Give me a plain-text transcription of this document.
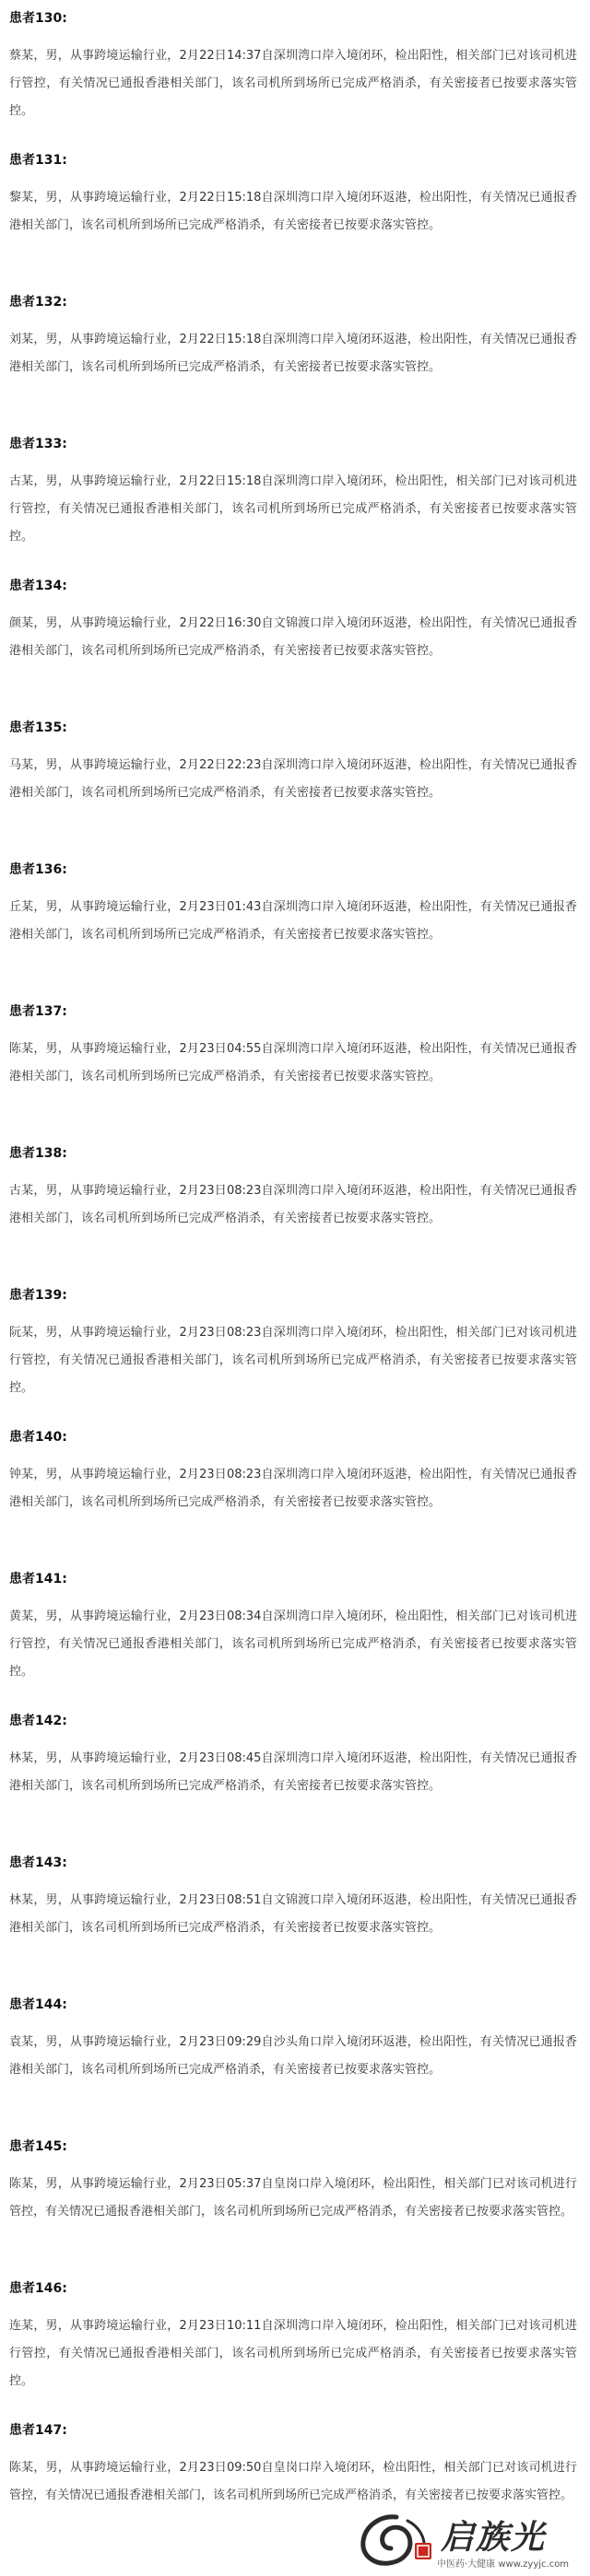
患者130:

蔡某，男，从事跨境运输行业，2月22日14:37自深圳湾口岸入境闭环，检出阳性，相关部门已对该司机进行管控，有关情况已通报香港相关部门，该名司机所到场所已完成严格消杀，有关密接者已按要求落实管控。

患者131:

黎某，男，从事跨境运输行业，2月22日15:18自深圳湾口岸入境闭环返港，检出阳性，有关情况已通报香港相关部门，该名司机所到场所已完成严格消杀，有关密接者已按要求落实管控。

患者132:

刘某，男，从事跨境运输行业，2月22日15:18自深圳湾口岸入境闭环返港，检出阳性，有关情况已通报香港相关部门，该名司机所到场所已完成严格消杀，有关密接者已按要求落实管控。

患者133:

古某，男，从事跨境运输行业，2月22日15:18自深圳湾口岸入境闭环，检出阳性，相关部门已对该司机进行管控，有关情况已通报香港相关部门，该名司机所到场所已完成严格消杀，有关密接者已按要求落实管控。

患者134:

颜某，男，从事跨境运输行业，2月22日16:30自文锦渡口岸入境闭环返港，检出阳性，有关情况已通报香港相关部门，该名司机所到场所已完成严格消杀，有关密接者已按要求落实管控。

患者135:

马某，男，从事跨境运输行业，2月22日22:23自深圳湾口岸入境闭环返港，检出阳性，有关情况已通报香港相关部门，该名司机所到场所已完成严格消杀，有关密接者已按要求落实管控。

患者136:

丘某，男，从事跨境运输行业，2月23日01:43自深圳湾口岸入境闭环返港，检出阳性，有关情况已通报香港相关部门，该名司机所到场所已完成严格消杀，有关密接者已按要求落实管控。

患者137:

陈某，男，从事跨境运输行业，2月23日04:55自深圳湾口岸入境闭环返港，检出阳性，有关情况已通报香港相关部门，该名司机所到场所已完成严格消杀，有关密接者已按要求落实管控。

患者138:

古某，男，从事跨境运输行业，2月23日08:23自深圳湾口岸入境闭环返港，检出阳性，有关情况已通报香港相关部门，该名司机所到场所已完成严格消杀，有关密接者已按要求落实管控。

患者139:

阮某，男，从事跨境运输行业，2月23日08:23自深圳湾口岸入境闭环，检出阳性，相关部门已对该司机进行管控，有关情况已通报香港相关部门，该名司机所到场所已完成严格消杀，有关密接者已按要求落实管控。

患者140:

钟某，男，从事跨境运输行业，2月23日08:23自深圳湾口岸入境闭环返港，检出阳性，有关情况已通报香港相关部门，该名司机所到场所已完成严格消杀，有关密接者已按要求落实管控。

患者141:

黄某，男，从事跨境运输行业，2月23日08:34自深圳湾口岸入境闭环，检出阳性，相关部门已对该司机进行管控，有关情况已通报香港相关部门，该名司机所到场所已完成严格消杀，有关密接者已按要求落实管控。

患者142:

林某，男，从事跨境运输行业，2月23日08:45自深圳湾口岸入境闭环返港，检出阳性，有关情况已通报香港相关部门，该名司机所到场所已完成严格消杀，有关密接者已按要求落实管控。

患者143:

林某，男，从事跨境运输行业，2月23日08:51自文锦渡口岸入境闭环返港，检出阳性，有关情况已通报香港相关部门，该名司机所到场所已完成严格消杀，有关密接者已按要求落实管控。

患者144:

袁某，男，从事跨境运输行业，2月23日09:29自沙头角口岸入境闭环返港，检出阳性，有关情况已通报香港相关部门，该名司机所到场所已完成严格消杀，有关密接者已按要求落实管控。

患者145:

陈某，男，从事跨境运输行业，2月23日05:37自皇岗口岸入境闭环，检出阳性，相关部门已对该司机进行管控，有关情况已通报香港相关部门，该名司机所到场所已完成严格消杀，有关密接者已按要求落实管控。

患者146:

连某，男，从事跨境运输行业，2月23日10:11自深圳湾口岸入境闭环，检出阳性，相关部门已对该司机进行管控，有关情况已通报香港相关部门，该名司机所到场所已完成严格消杀，有关密接者已按要求落实管控。

患者147:

陈某，男，从事跨境运输行业，2月23日09:50自皇岗口岸入境闭环，检出阳性，相关部门已对该司机进行管控，有关情况已通报香港相关部门，该名司机所到场所已完成严格消杀，有关密接者已按要求落实管控。

启族光
中医药·大健康 www.zyyjc.com
